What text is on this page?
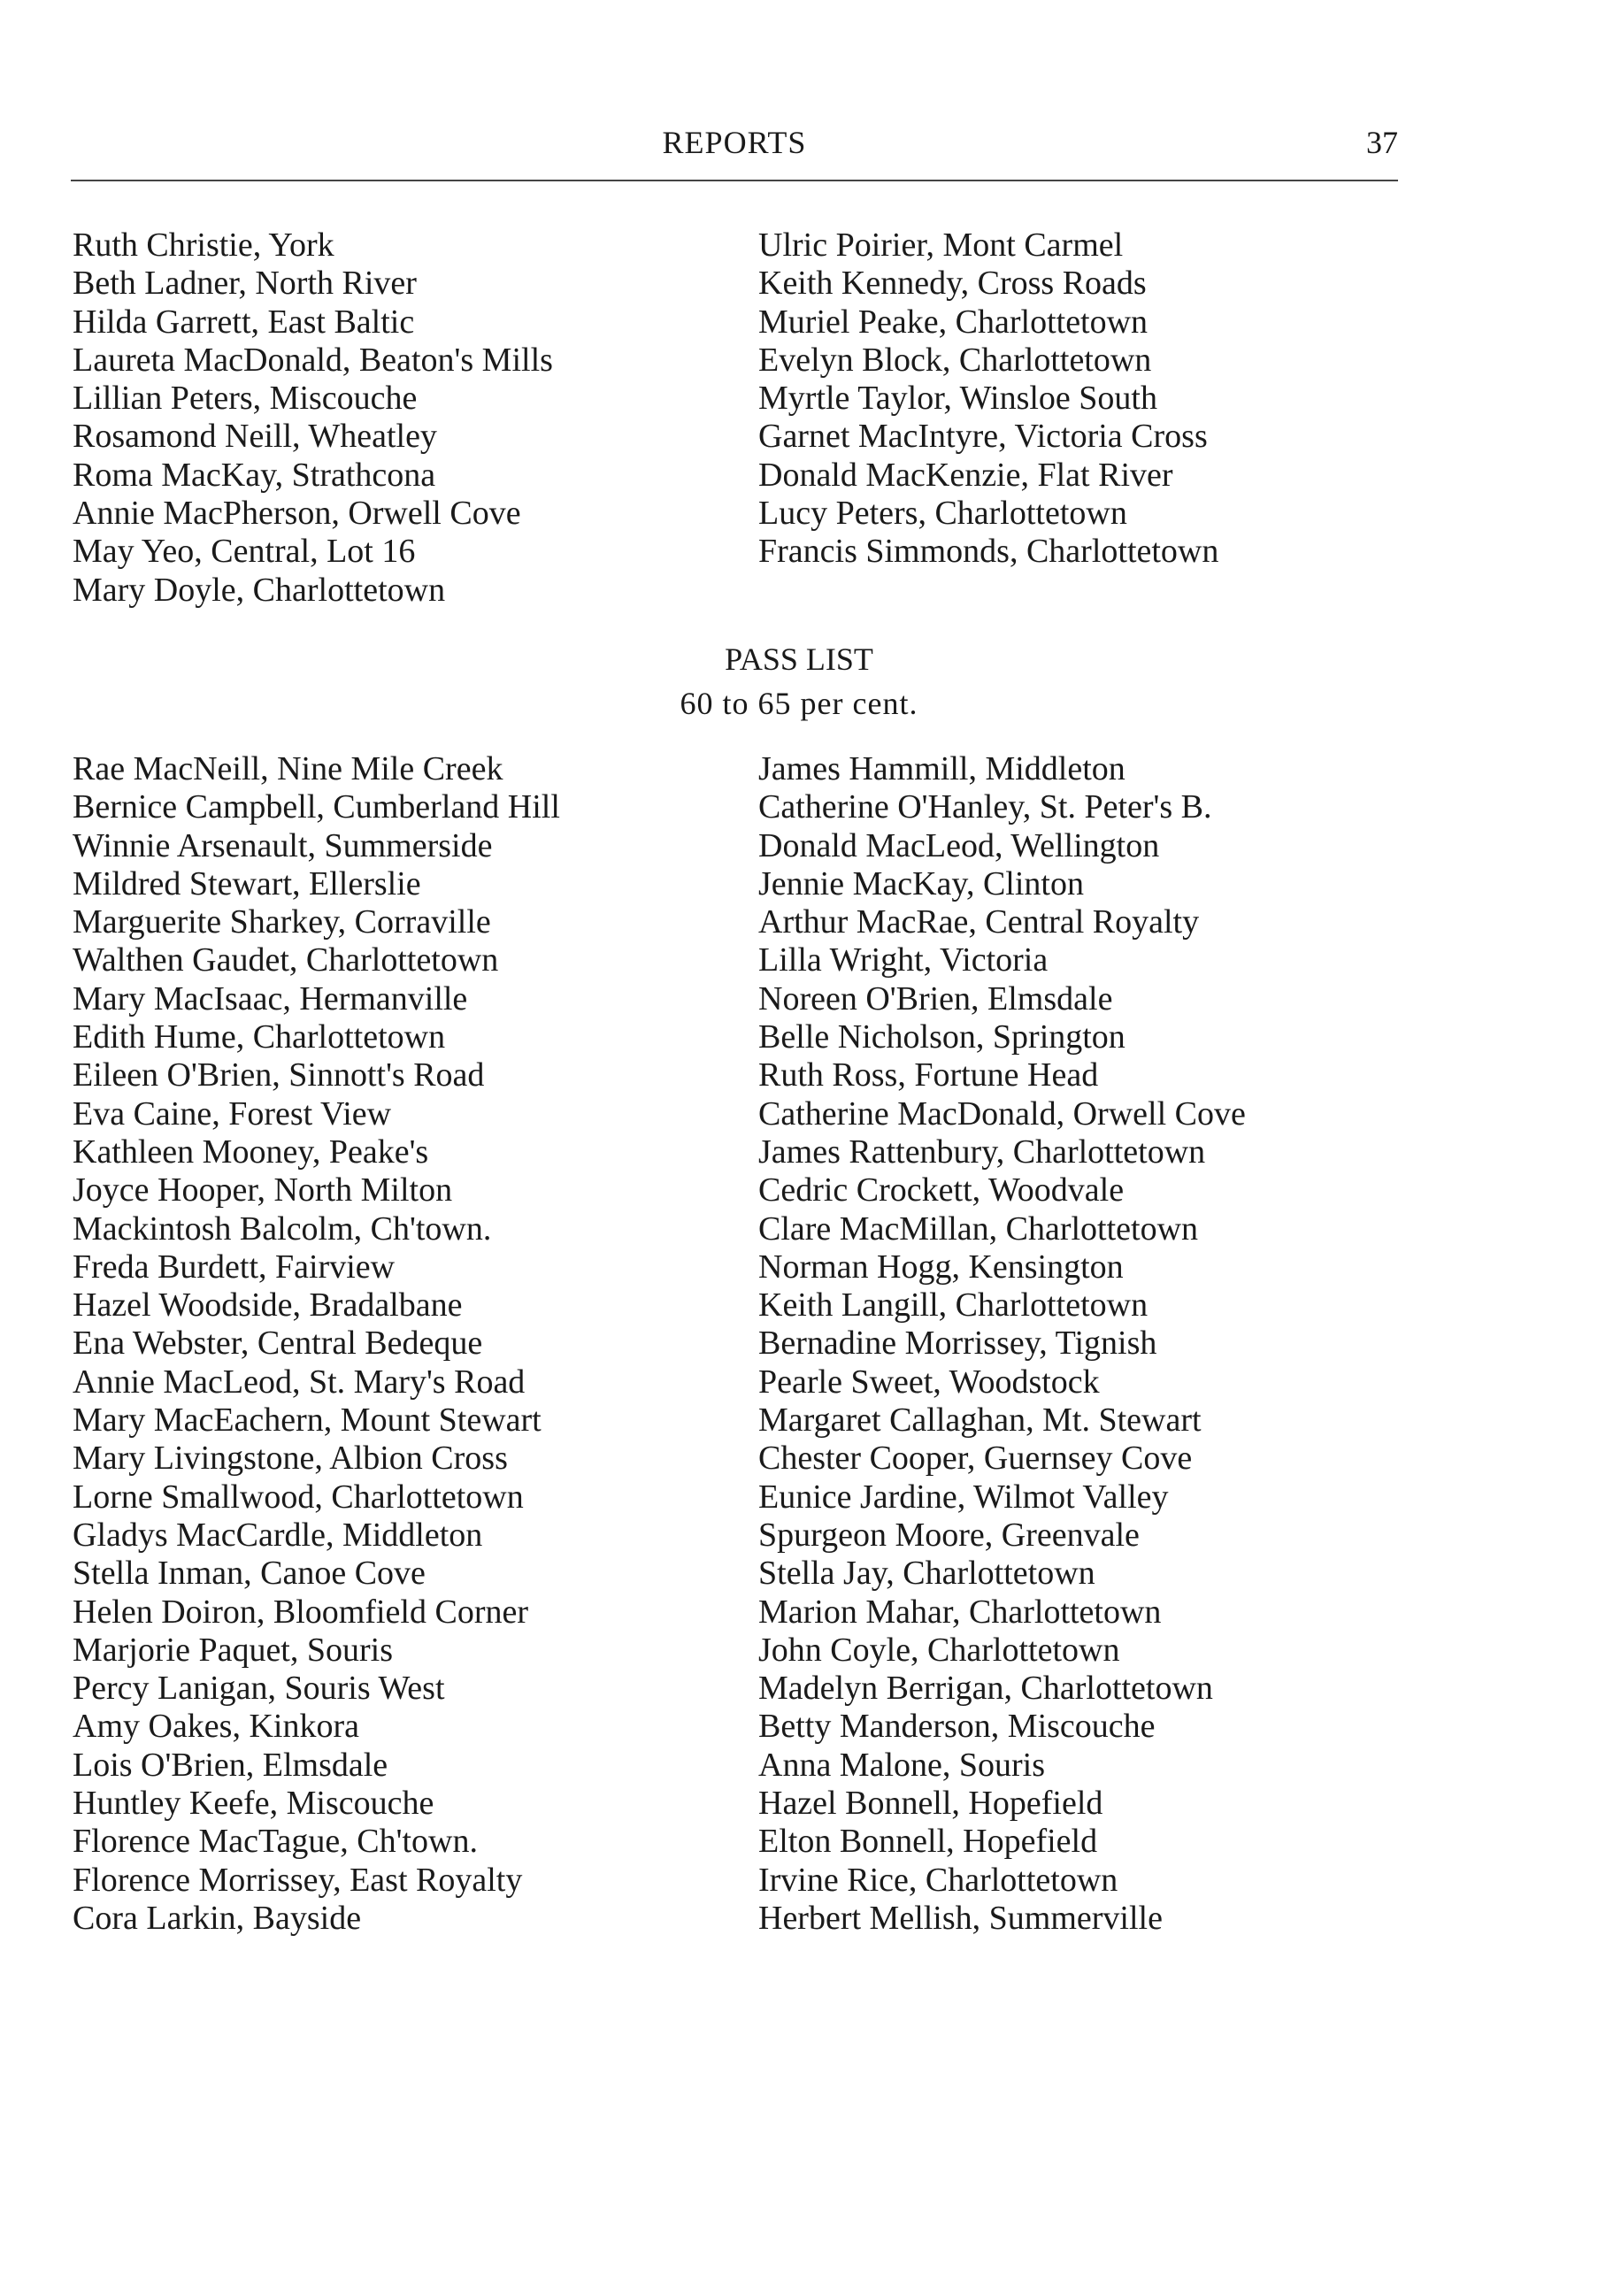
REPORTS	37
Ruth Christie, York
Beth Ladner, North River
Hilda Garrett, East Baltic
Laureta MacDonald, Beaton's Mills
Lillian Peters, Miscouche
Rosamond Neill, Wheatley
Roma MacKay, Strathcona
Annie MacPherson, Orwell Cove
May Yeo, Central, Lot 16
Mary Doyle, Charlottetown
Ulric Poirier, Mont Carmel
Keith Kennedy, Cross Roads
Muriel Peake, Charlottetown
Evelyn Block, Charlottetown
Myrtle Taylor, Winsloe South
Garnet MacIntyre, Victoria Cross
Donald MacKenzie, Flat River
Lucy Peters, Charlottetown
Francis Simmonds, Charlottetown
PASS LIST
60 to 65 per cent.
Rae MacNeill, Nine Mile Creek
Bernice Campbell, Cumberland Hill
Winnie Arsenault, Summerside
Mildred Stewart, Ellerslie
Marguerite Sharkey, Corraville
Walthen Gaudet, Charlottetown
Mary MacIsaac, Hermanville
Edith Hume, Charlottetown
Eileen O'Brien, Sinnott's Road
Eva Caine, Forest View
Kathleen Mooney, Peake's
Joyce Hooper, North Milton
Mackintosh Balcolm, Ch'town.
Freda Burdett, Fairview
Hazel Woodside, Bradalbane
Ena Webster, Central Bedeque
Annie MacLeod, St. Mary's Road
Mary MacEachern, Mount Stewart
Mary Livingstone, Albion Cross
Lorne Smallwood, Charlottetown
Gladys MacCardle, Middleton
Stella Inman, Canoe Cove
Helen Doiron, Bloomfield Corner
Marjorie Paquet, Souris
Percy Lanigan, Souris West
Amy Oakes, Kinkora
Lois O'Brien, Elmsdale
Huntley Keefe, Miscouche
Florence MacTague, Ch'town.
Florence Morrissey, East Royalty
Cora Larkin, Bayside
James Hammill, Middleton
Catherine O'Hanley, St. Peter's B.
Donald MacLeod, Wellington
Jennie MacKay, Clinton
Arthur MacRae, Central Royalty
Lilla Wright, Victoria
Noreen O'Brien, Elmsdale
Belle Nicholson, Springton
Ruth Ross, Fortune Head
Catherine MacDonald, Orwell Cove
James Rattenbury, Charlottetown
Cedric Crockett, Woodvale
Clare MacMillan, Charlottetown
Norman Hogg, Kensington
Keith Langill, Charlottetown
Bernadine Morrissey, Tignish
Pearle Sweet, Woodstock
Margaret Callaghan, Mt. Stewart
Chester Cooper, Guernsey Cove
Eunice Jardine, Wilmot Valley
Spurgeon Moore, Greenvale
Stella Jay, Charlottetown
Marion Mahar, Charlottetown
John Coyle, Charlottetown
Madelyn Berrigan, Charlottetown
Betty Manderson, Miscouche
Anna Malone, Souris
Hazel Bonnell, Hopefield
Elton Bonnell, Hopefield
Irvine Rice, Charlottetown
Herbert Mellish, Summerville
